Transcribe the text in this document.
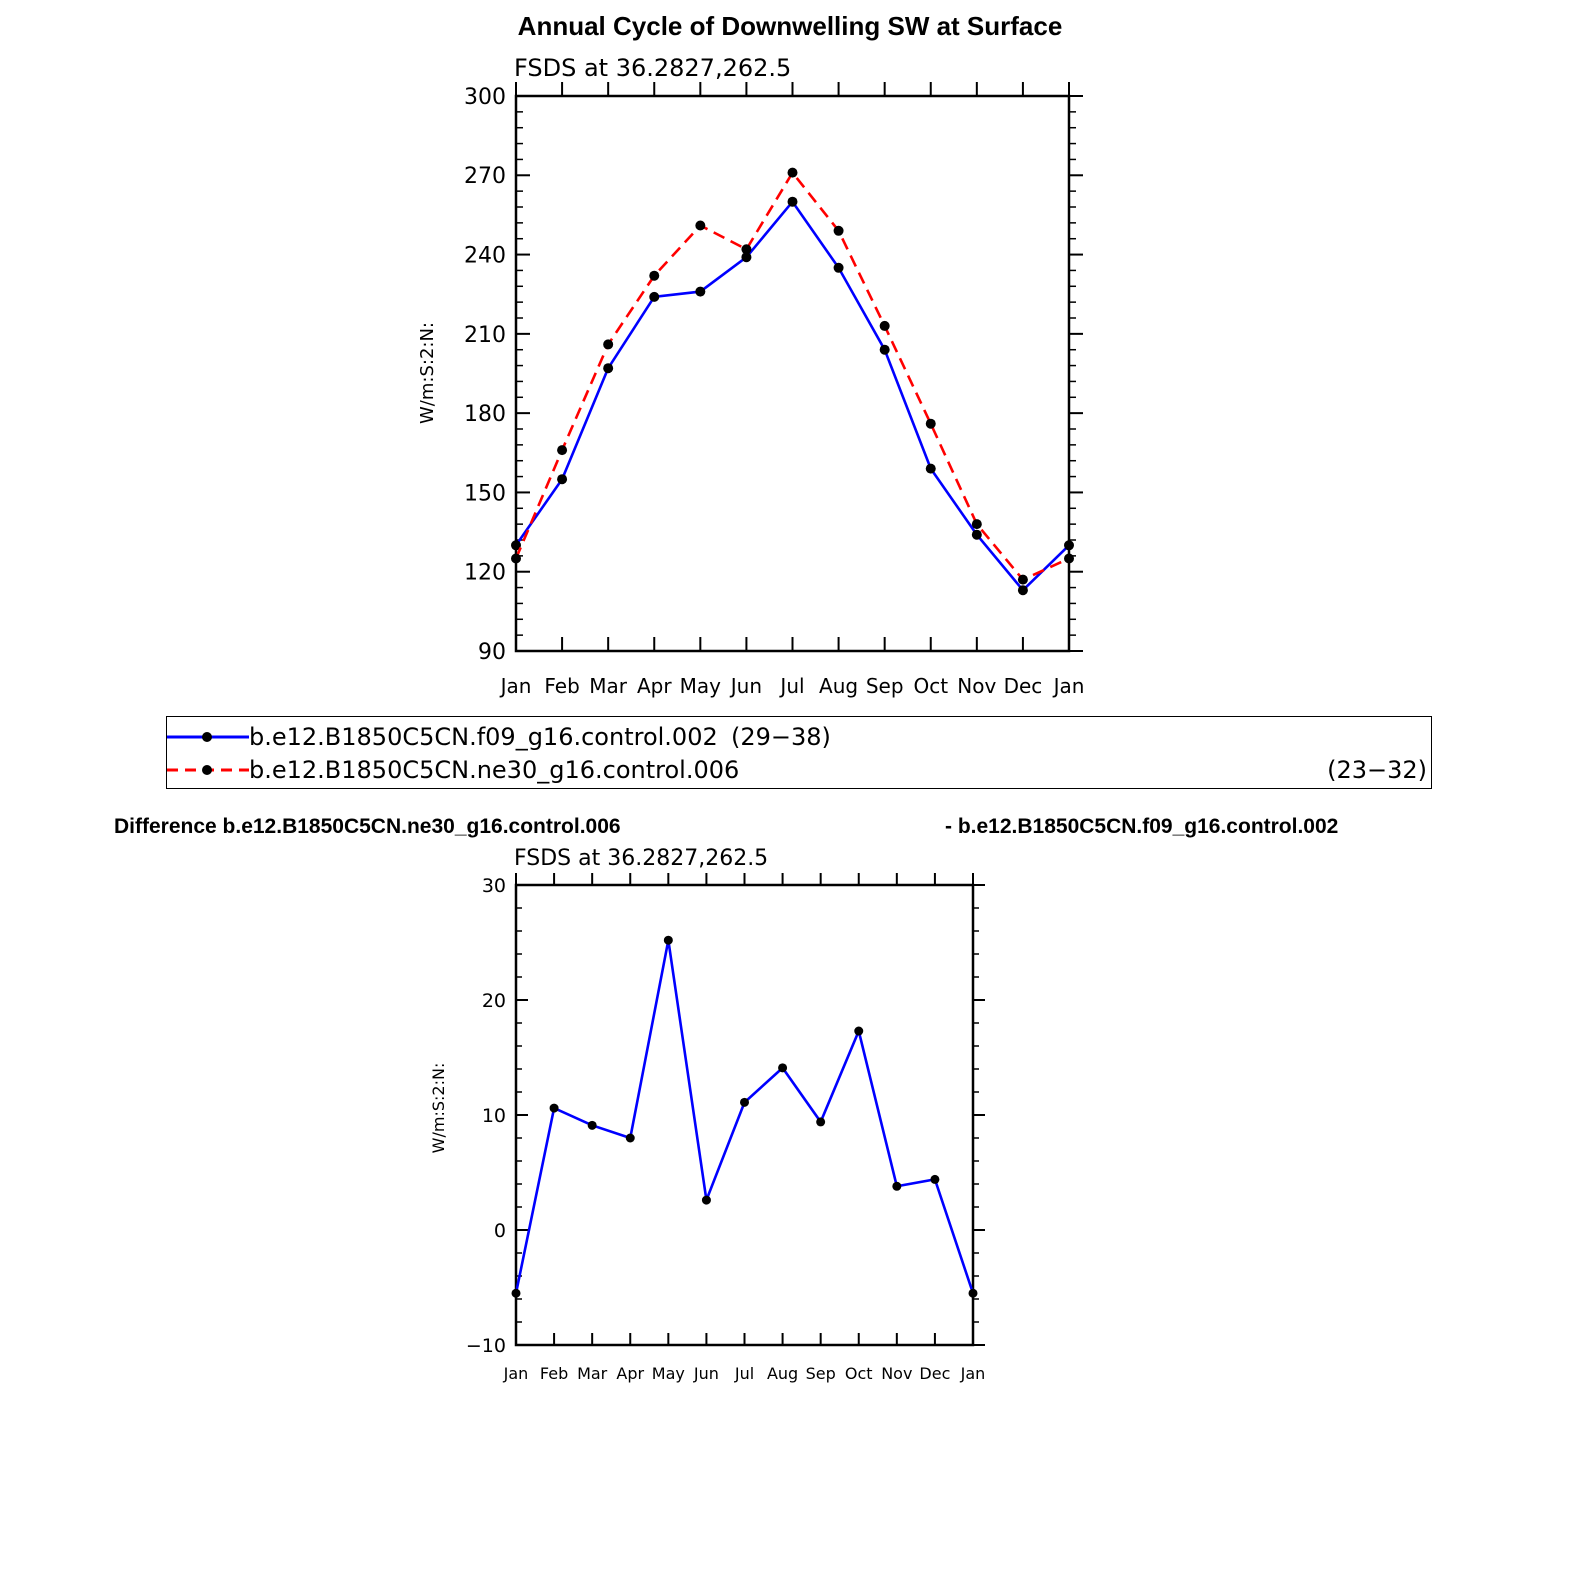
Annual Cycle of Downwelling SW at Surface
FSDS at 36.2827,262.5
W/m:S:2:N:
Jan Feb Mar Apr May Jun Jul Aug Sep Oct Nov Dec Jan
300
270
240
210
180
150
120
90
FSDS at 36.2827,262.5
W/m:S:2:N:
Jan Feb Mar Apr May Jun Jul Aug Sep Oct Nov Dec Jan
30
20
10
0
−10
b.e12.B1850C5CN.f09_g16.control.002 (29−38)
b.e12.B1850C5CN.ne30_g16.control.006	(23−32)
Difference b.e12.B1850C5CN.ne30_g16.control.006	- b.e12.B1850C5CN.f09_g16.control.002
